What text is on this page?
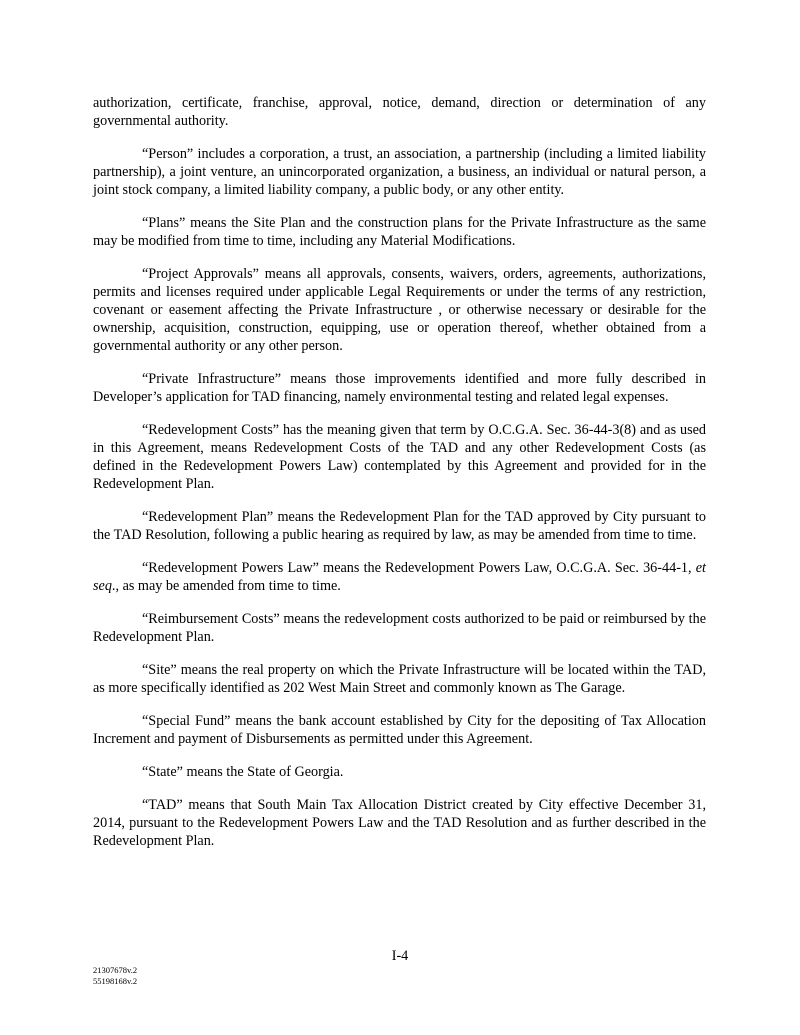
authorization, certificate, franchise, approval, notice, demand, direction or determination of any governmental authority.

“Person” includes a corporation, a trust, an association, a partnership (including a limited liability partnership), a joint venture, an unincorporated organization, a business, an individual or natural person, a joint stock company, a limited liability company, a public body, or any other entity.

“Plans” means the Site Plan and the construction plans for the Private Infrastructure as the same may be modified from time to time, including any Material Modifications.

“Project Approvals” means all approvals, consents, waivers, orders, agreements, authorizations, permits and licenses required under applicable Legal Requirements or under the terms of any restriction, covenant or easement affecting the Private Infrastructure , or otherwise necessary or desirable for the ownership, acquisition, construction, equipping, use or operation thereof, whether obtained from a governmental authority or any other person.

“Private Infrastructure” means those improvements identified and more fully described in Developer’s application for TAD financing, namely environmental testing and related legal expenses.

“Redevelopment Costs” has the meaning given that term by O.C.G.A. Sec. 36-44-3(8) and as used in this Agreement, means Redevelopment Costs of the TAD and any other Redevelopment Costs (as defined in the Redevelopment Powers Law) contemplated by this Agreement and provided for in the Redevelopment Plan.

“Redevelopment Plan” means the Redevelopment Plan for the TAD approved by City pursuant to the TAD Resolution, following a public hearing as required by law, as may be amended from time to time.

“Redevelopment Powers Law” means the Redevelopment Powers Law, O.C.G.A. Sec. 36-44-1, et seq., as may be amended from time to time.

“Reimbursement Costs” means the redevelopment costs authorized to be paid or reimbursed by the Redevelopment Plan.

“Site” means the real property on which the Private Infrastructure will be located within the TAD, as more specifically identified as 202 West Main Street and commonly known as The Garage.

“Special Fund” means the bank account established by City for the depositing of Tax Allocation Increment and payment of Disbursements as permitted under this Agreement.

“State” means the State of Georgia.

“TAD” means that South Main Tax Allocation District created by City effective December 31, 2014, pursuant to the Redevelopment Powers Law and the TAD Resolution and as further described in the Redevelopment Plan.

I-4

21307678v.2
55198168v.2
